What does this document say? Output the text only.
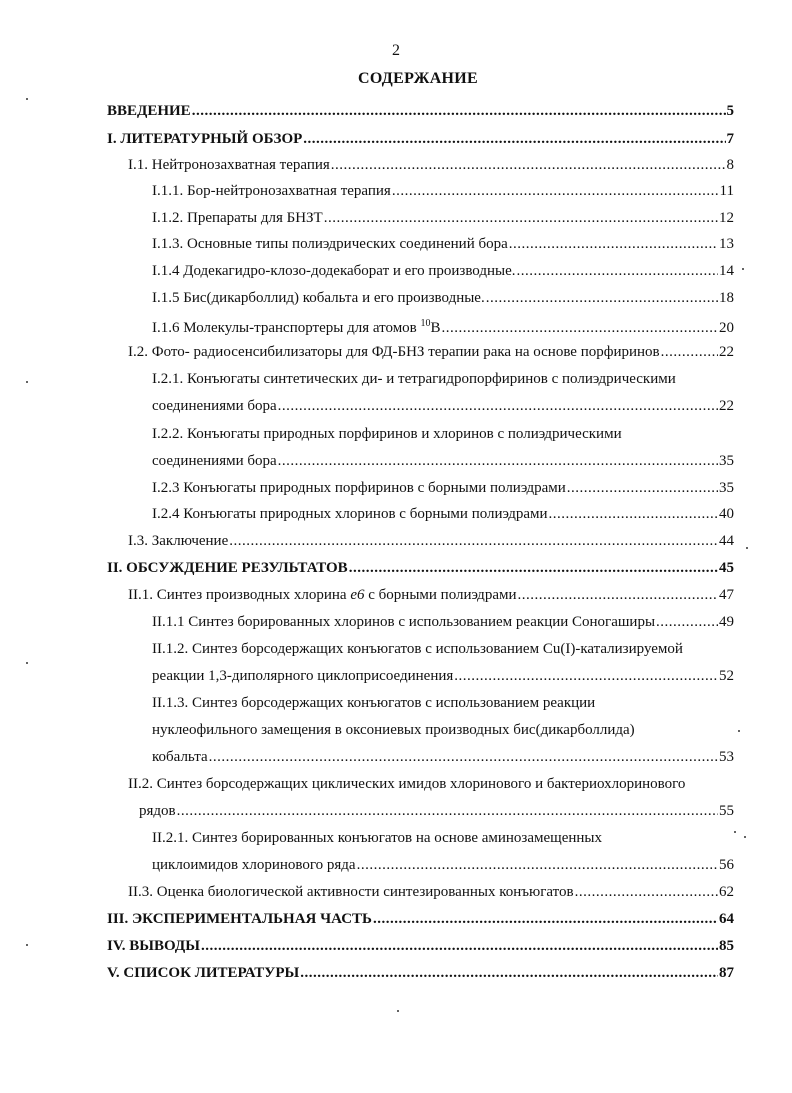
2
СОДЕРЖАНИЕ
ВВЕДЕНИЕ .....	5
I. ЛИТЕРАТУРНЫЙ ОБЗОР .....	7
I.1. Нейтронозахватная терапия .....	8
I.1.1. Бор-нейтронозахватная терапия .....	11
I.1.2. Препараты для БНЗТ .....	12
I.1.3. Основные типы полиэдрических соединений бора .....	13
I.1.4 Додекагидро-клозо-додекаборат и его производные. .....	14
I.1.5 Бис(дикарболлид) кобальта и его производные. .....	18
I.1.6 Молекулы-транспортеры для атомов $^{10}$B .....	20
I.2. Фото- радиосенсибилизаторы для ФД-БНЗ терапии рака на основе порфиринов .....	22
I.2.1. Конъюгаты синтетических ди- и тетрагидропорфиринов с полиэдрическими
соединениями бора .....	22
I.2.2. Конъюгаты природных порфиринов и хлоринов с полиэдрическими
соединениями бора .....	35
I.2.3 Конъюгаты природных порфиринов с борными полиэдрами .....	35
I.2.4 Конъюгаты природных хлоринов с борными полиэдрами .....	40
I.3. Заключение .....	44
II. ОБСУЖДЕНИЕ РЕЗУЛЬТАТОВ .....	45
II.1. Синтез производных хлорина e6 с борными полиэдрами .....	47
II.1.1 Синтез борированных хлоринов с использованием реакции Соногаширы .....	49
II.1.2. Синтез борсодержащих конъюгатов с использованием Cu(I)-катализируемой
реакции 1,3-диполярного циклоприсоединения .....	52
II.1.3. Синтез борсодержащих конъюгатов с использованием реакции
нуклеофильного замещения в оксониевых производных бис(дикарболлида)
кобальта .....	53
II.2. Синтез борсодержащих циклических имидов хлоринового и бактериохлоринового
рядов .....	55
II.2.1. Синтез борированных конъюгатов на основе аминозамещенных
циклоимидов хлоринового ряда .....	56
II.3. Оценка биологической активности синтезированных конъюгатов .....	62
III. ЭКСПЕРИМЕНТАЛЬНАЯ ЧАСТЬ .....	64
IV. ВЫВОДЫ .....	85
V. СПИСОК ЛИТЕРАТУРЫ .....	87
